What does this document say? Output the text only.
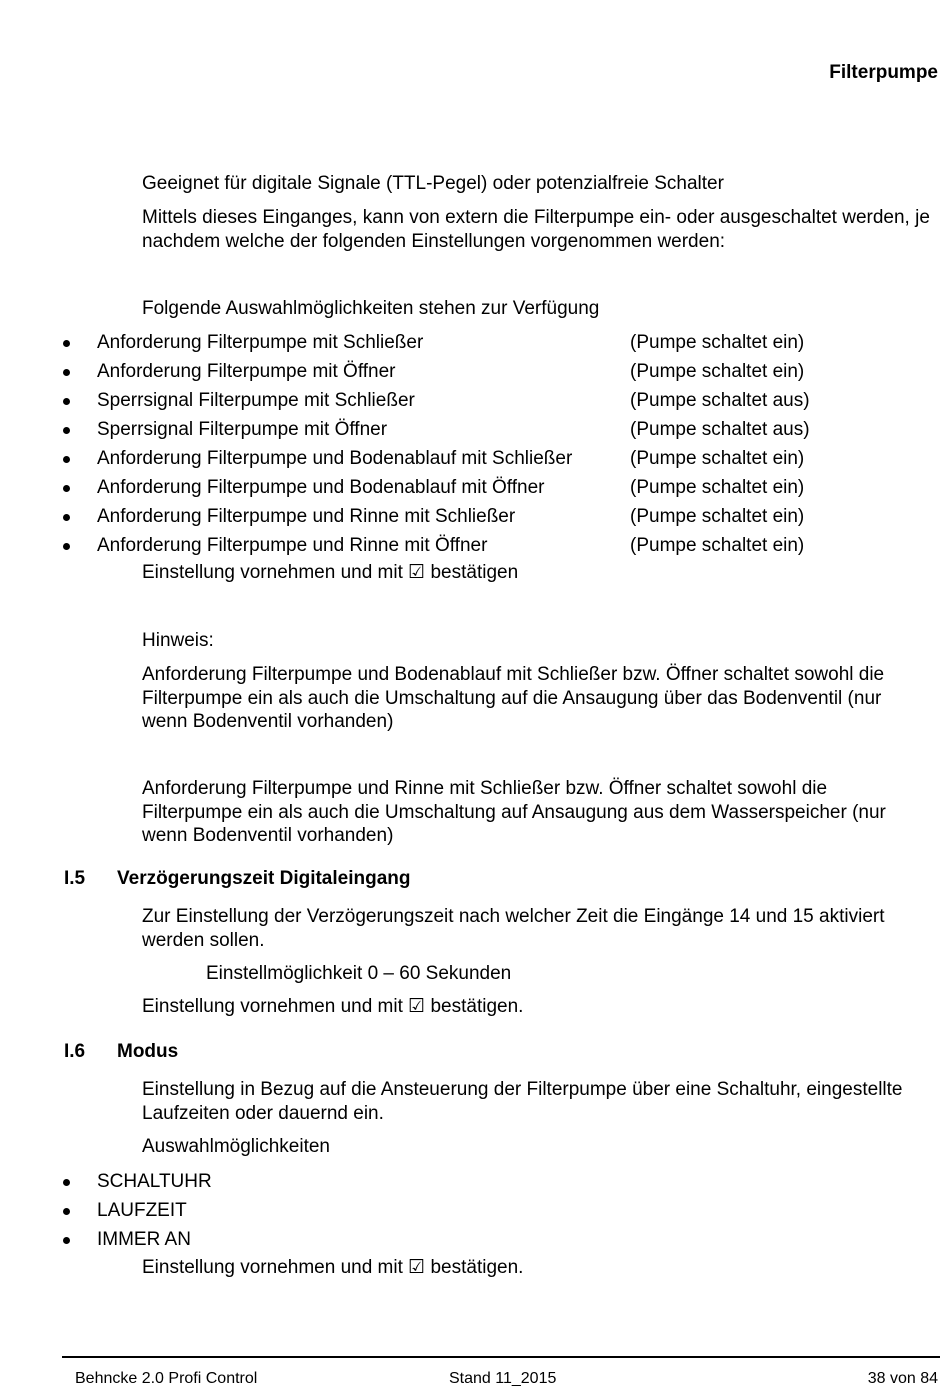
Filterpumpe
Geeignet für digitale Signale (TTL-Pegel) oder potenzialfreie Schalter
Mittels dieses Einganges, kann von extern die Filterpumpe ein- oder ausgeschaltet werden, je nachdem welche der folgenden Einstellungen vorgenommen werden:
Folgende Auswahlmöglichkeiten stehen zur Verfügung
Anforderung Filterpumpe mit Schließer	(Pumpe schaltet ein)
Anforderung Filterpumpe mit Öffner	(Pumpe schaltet ein)
Sperrsignal Filterpumpe mit Schließer	(Pumpe schaltet aus)
Sperrsignal Filterpumpe mit Öffner	(Pumpe schaltet aus)
Anforderung Filterpumpe und Bodenablauf mit Schließer	(Pumpe schaltet ein)
Anforderung Filterpumpe und Bodenablauf mit Öffner	(Pumpe schaltet ein)
Anforderung Filterpumpe und Rinne mit Schließer	(Pumpe schaltet ein)
Anforderung Filterpumpe und Rinne mit Öffner	(Pumpe schaltet ein)
Einstellung vornehmen und mit ☑ bestätigen
Hinweis:
Anforderung Filterpumpe und Bodenablauf mit Schließer bzw. Öffner schaltet sowohl die Filterpumpe ein als auch die Umschaltung auf die Ansaugung über das Bodenventil (nur wenn Bodenventil vorhanden)
Anforderung Filterpumpe und Rinne mit Schließer bzw. Öffner schaltet sowohl die Filterpumpe ein als auch die Umschaltung auf Ansaugung aus dem Wasserspeicher (nur wenn Bodenventil vorhanden)
I.5 Verzögerungszeit Digitaleingang
Zur Einstellung der Verzögerungszeit nach welcher Zeit die Eingänge 14 und 15 aktiviert werden sollen.
Einstellmöglichkeit 0 – 60 Sekunden
Einstellung vornehmen und mit ☑ bestätigen.
I.6 Modus
Einstellung in Bezug auf die Ansteuerung der Filterpumpe über eine Schaltuhr, eingestellte Laufzeiten oder dauernd ein.
Auswahlmöglichkeiten
SCHALTUHR
LAUFZEIT
IMMER AN
Einstellung vornehmen und mit ☑ bestätigen.
Behncke 2.0 Profi Control	Stand 11_2015	38 von 84
